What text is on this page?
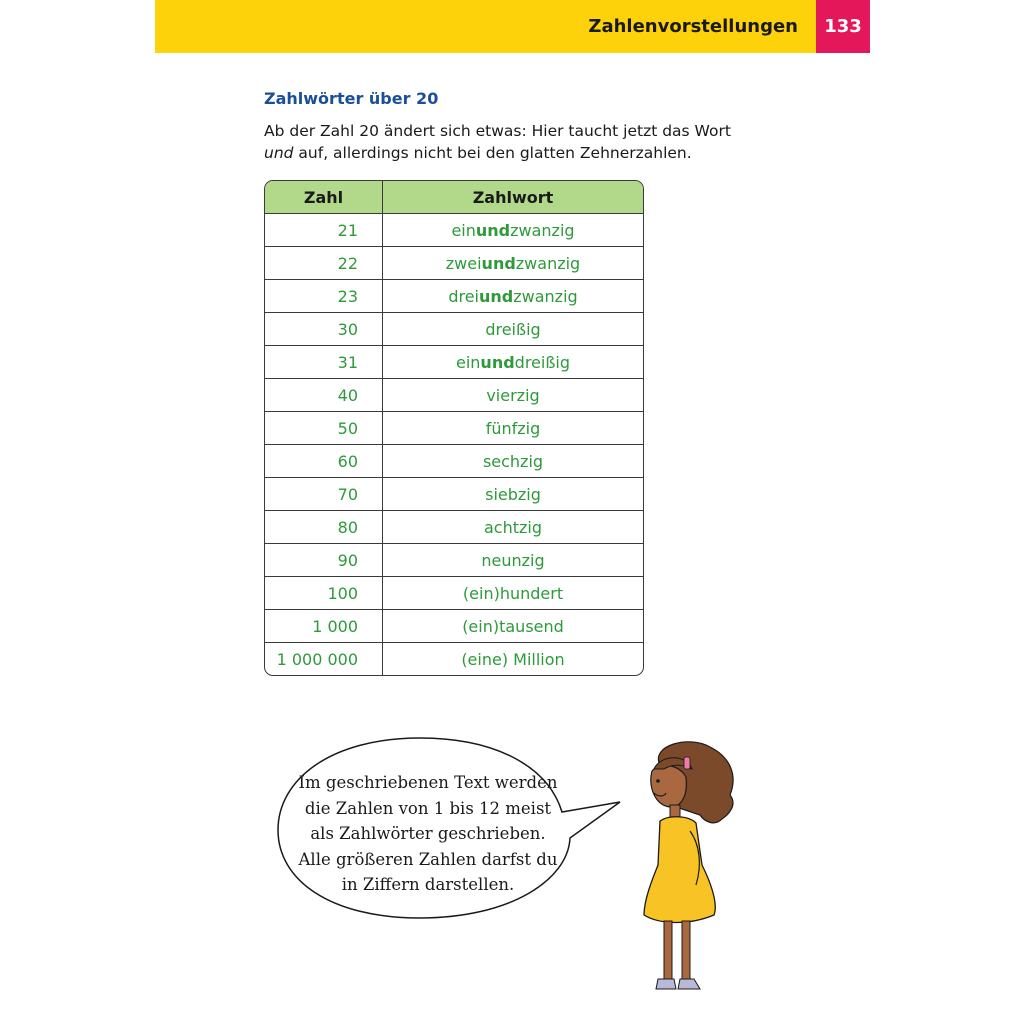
Zahlenvorstellungen	133
Zahlwörter über 20
Ab der Zahl 20 ändert sich etwas: Hier taucht jetzt das Wort
und auf, allerdings nicht bei den glatten Zehnerzahlen.
Zahl	Zahlwort
21	ein und zwanzig
22	zwei und zwanzig
23	drei und zwanzig
30	dreißig
31	ein und dreißig
40	vierzig
50	fünfzig
60	sechzig
70	siebzig
80	achtzig
90	neunzig
100	(ein)hundert
1 000	(ein)tausend
1 000 000	(eine) Million
Im geschriebenen Text werden
die Zahlen von 1 bis 12 meist
als Zahlwörter geschrieben.
Alle größeren Zahlen darfst du
in Ziffern darstellen.
